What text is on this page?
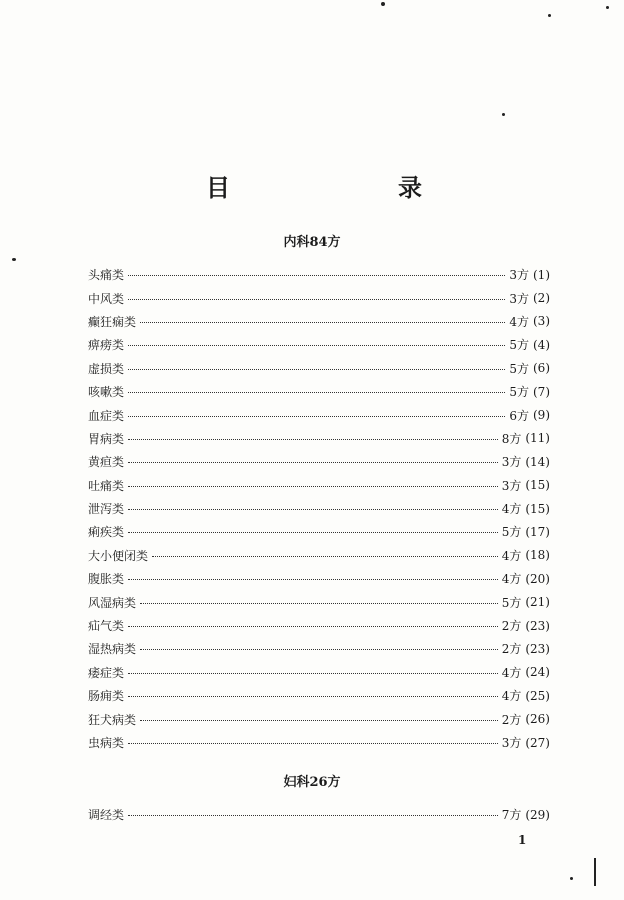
目　　录
内科84方
头痛类	3方 (1)
中风类	3方 (2)
癫狂痫类	4方 (3)
痹痨类	5方 (4)
虚损类	5方 (6)
咳嗽类	5方 (7)
血症类	6方 (9)
胃病类	8方 (11)
黄疸类	3方 (14)
吐痛类	3方 (15)
泄泻类	4方 (15)
痢疾类	5方 (17)
大小便闭类	4方 (18)
腹胀类	4方 (20)
风湿病类	5方 (21)
疝气类	2方 (23)
湿热病类	2方 (23)
痿症类	4方 (24)
肠痈类	4方 (25)
狂犬病类	2方 (26)
虫病类	3方 (27)
妇科26方
调经类	7方 (29)
1
